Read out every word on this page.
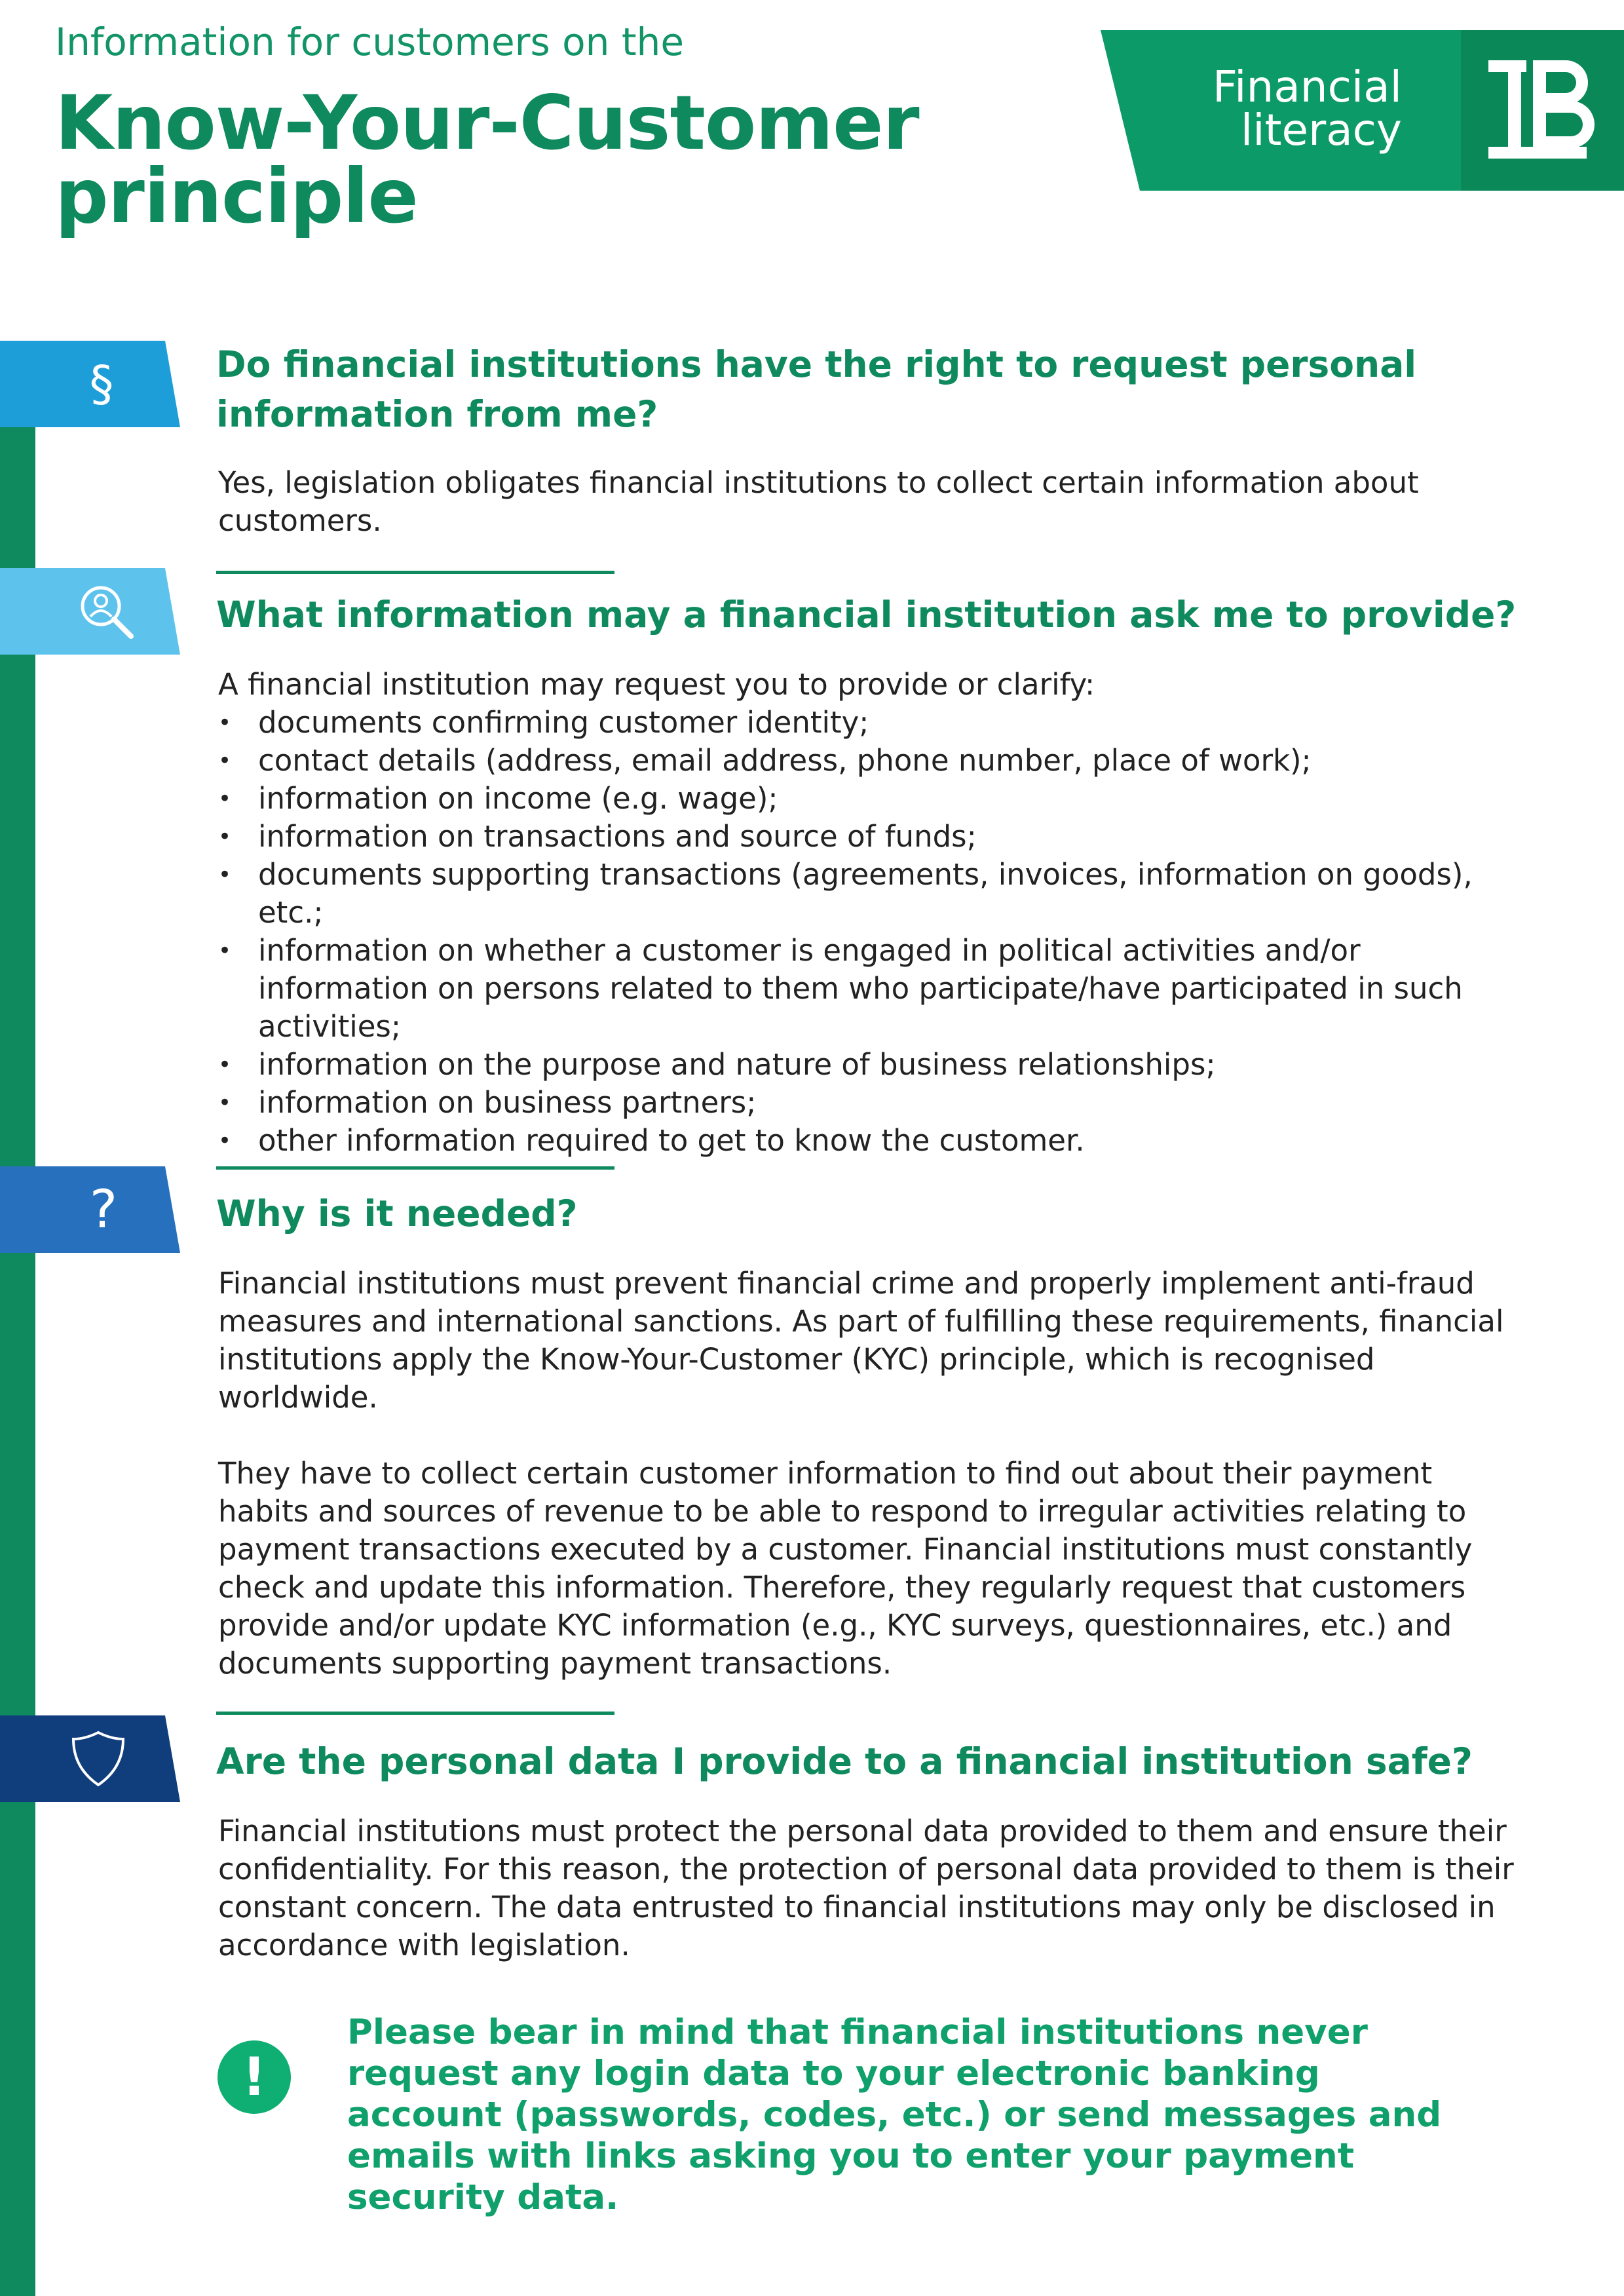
Information for customers on the
Know-Your-Customer principle
Financial literacy
§	Do financial institutions have the right to request personal information from me?
Yes, legislation obligates financial institutions to collect certain information about customers.
What information may a financial institution ask me to provide?
A financial institution may request you to provide or clarify:
• documents confirming customer identity;
• contact details (address, email address, phone number, place of work);
• information on income (e.g. wage);
• information on transactions and source of funds;
• documents supporting transactions (agreements, invoices, information on goods), etc.;
• information on whether a customer is engaged in political activities and/or information on persons related to them who participate/have participated in such activities;
• information on the purpose and nature of business relationships;
• information on business partners;
• other information required to get to know the customer.
?	Why is it needed?
Financial institutions must prevent financial crime and properly implement anti-fraud measures and international sanctions. As part of fulfilling these requirements, financial institutions apply the Know-Your-Customer (KYC) principle, which is recognised worldwide.
They have to collect certain customer information to find out about their payment habits and sources of revenue to be able to respond to irregular activities relating to payment transactions executed by a customer. Financial institutions must constantly check and update this information. Therefore, they regularly request that customers provide and/or update KYC information (e.g., KYC surveys, questionnaires, etc.) and documents supporting payment transactions.
Are the personal data I provide to a financial institution safe?
Financial institutions must protect the personal data provided to them and ensure their confidentiality. For this reason, the protection of personal data provided to them is their constant concern. The data entrusted to financial institutions may only be disclosed in accordance with legislation.
!
Please bear in mind that financial institutions never request any login data to your electronic banking account (passwords, codes, etc.) or send messages and emails with links asking you to enter your payment security data.
